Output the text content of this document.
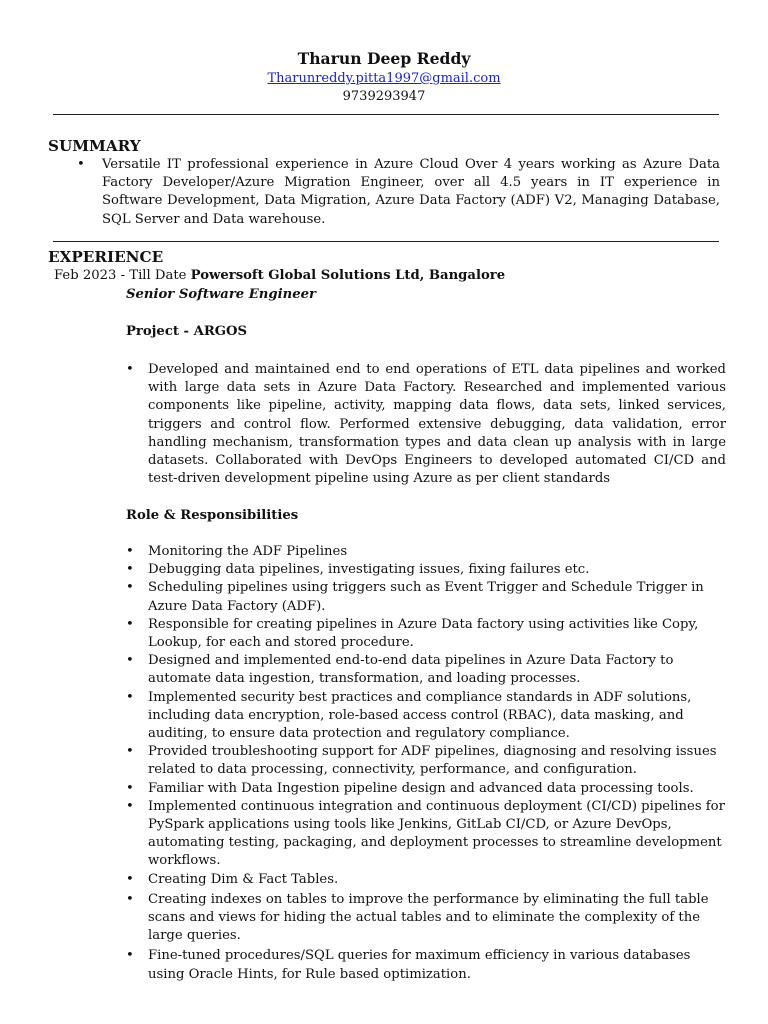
Tharun Deep Reddy
Tharunreddy.pitta1997@gmail.com
9739293947
SUMMARY
• Versatile IT professional experience in Azure Cloud Over 4 years working as Azure Data Factory Developer/Azure Migration Engineer, over all 4.5 years in IT experience in Software Development, Data Migration, Azure Data Factory (ADF) V2, Managing Database, SQL Server and Data warehouse.
EXPERIENCE
Feb 2023 - Till Date Powersoft Global Solutions Ltd, Bangalore
Senior Software Engineer
Project - ARGOS
• Developed and maintained end to end operations of ETL data pipelines and worked with large data sets in Azure Data Factory. Researched and implemented various components like pipeline, activity, mapping data flows, data sets, linked services, triggers and control flow. Performed extensive debugging, data validation, error handling mechanism, transformation types and data clean up analysis with in large datasets. Collaborated with DevOps Engineers to developed automated CI/CD and test-driven development pipeline using Azure as per client standards
Role & Responsibilities
• Monitoring the ADF Pipelines
• Debugging data pipelines, investigating issues, fixing failures etc.
• Scheduling pipelines using triggers such as Event Trigger and Schedule Trigger in Azure Data Factory (ADF).
• Responsible for creating pipelines in Azure Data factory using activities like Copy, Lookup, for each and stored procedure.
• Designed and implemented end-to-end data pipelines in Azure Data Factory to automate data ingestion, transformation, and loading processes.
• Implemented security best practices and compliance standards in ADF solutions, including data encryption, role-based access control (RBAC), data masking, and auditing, to ensure data protection and regulatory compliance.
• Provided troubleshooting support for ADF pipelines, diagnosing and resolving issues related to data processing, connectivity, performance, and configuration.
• Familiar with Data Ingestion pipeline design and advanced data processing tools.
• Implemented continuous integration and continuous deployment (CI/CD) pipelines for PySpark applications using tools like Jenkins, GitLab CI/CD, or Azure DevOps, automating testing, packaging, and deployment processes to streamline development workflows.
• Creating Dim & Fact Tables.
• Creating indexes on tables to improve the performance by eliminating the full table scans and views for hiding the actual tables and to eliminate the complexity of the large queries.
• Fine-tuned procedures/SQL queries for maximum efficiency in various databases using Oracle Hints, for Rule based optimization.
